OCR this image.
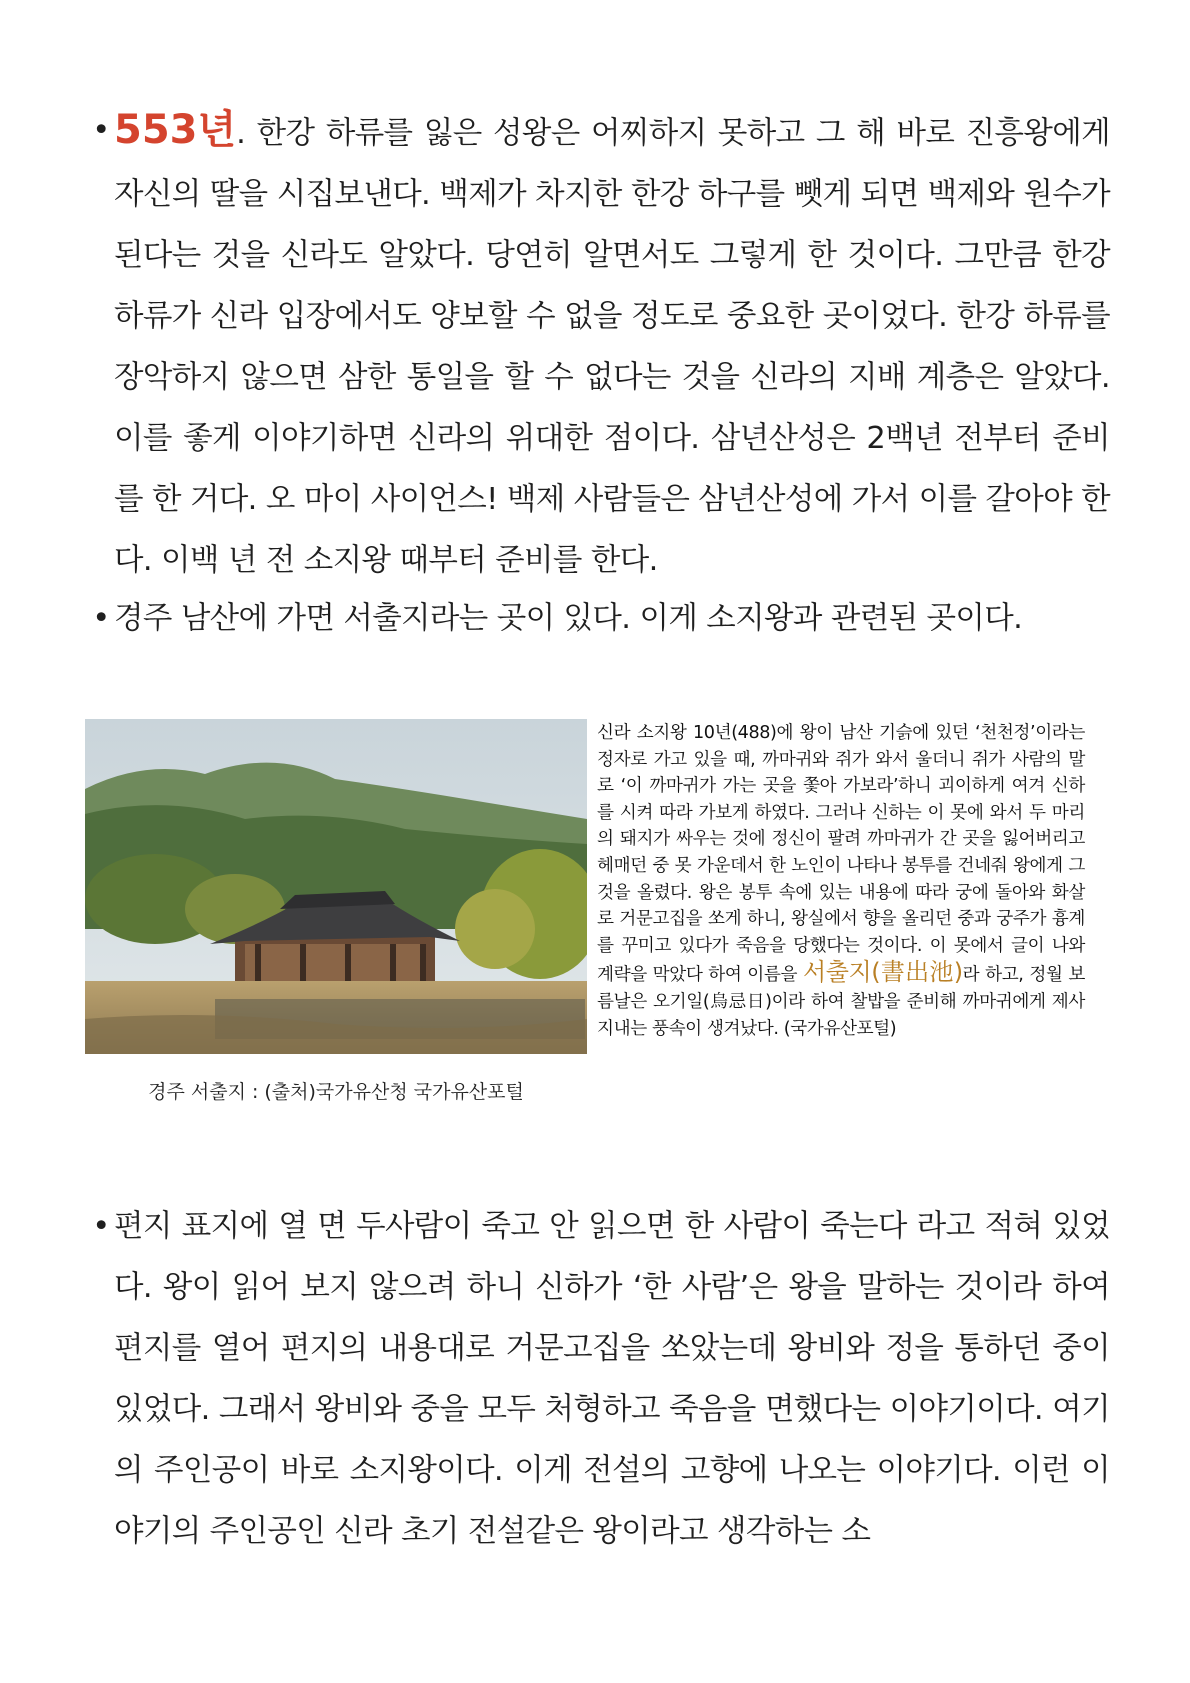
• 553년. 한강 하류를 잃은 성왕은 어찌하지 못하고 그 해 바로 진흥왕에게 자신의 딸을 시집보낸다. 백제가 차지한 한강 하구를 뺏게 되면 백제와 원수가 된다는 것을 신라도 알았다. 당연히 알면서도 그렇게 한 것이다. 그만큼 한강 하류가 신라 입장에서도 양보할 수 없을 정도로 중요한 곳이었다. 한강 하류를 장악하지 않으면 삼한 통일을 할 수 없다는 것을 신라의 지배 계층은 알았다. 이를 좋게 이야기하면 신라의 위대한 점이다. 삼년산성은 2백년 전부터 준비를 한 거다. 오 마이 사이언스! 백제 사람들은 삼년산성에 가서 이를 갈아야 한다. 이백 년 전 소지왕 때부터 준비를 한다.
• 경주 남산에 가면 서출지라는 곳이 있다. 이게 소지왕과 관련된 곳이다.
경주 서출지 : (출처)국가유산청 국가유산포털
신라 소지왕 10년(488)에 왕이 남산 기슭에 있던 ‘천천정’이라는 정자로 가고 있을 때, 까마귀와 쥐가 와서 울더니 쥐가 사람의 말로 ‘이 까마귀가 가는 곳을 쫓아 가보라’하니 괴이하게 여겨 신하를 시켜 따라 가보게 하였다. 그러나 신하는 이 못에 와서 두 마리의 돼지가 싸우는 것에 정신이 팔려 까마귀가 간 곳을 잃어버리고 헤매던 중 못 가운데서 한 노인이 나타나 봉투를 건네줘 왕에게 그것을 올렸다. 왕은 봉투 속에 있는 내용에 따라 궁에 돌아와 화살로 거문고집을 쏘게 하니, 왕실에서 향을 올리던 중과 궁주가 흉계를 꾸미고 있다가 죽음을 당했다는 것이다. 이 못에서 글이 나와 계략을 막았다 하여 이름을 서출지(書出池)라 하고, 정월 보름날은 오기일(烏忌日)이라 하여 찰밥을 준비해 까마귀에게 제사지내는 풍속이 생겨났다. (국가유산포털)
• 편지 표지에 열 면 두사람이 죽고 안 읽으면 한 사람이 죽는다 라고 적혀 있었다. 왕이 읽어 보지 않으려 하니 신하가 ‘한 사람’은 왕을 말하는 것이라 하여 편지를 열어 편지의 내용대로 거문고집을 쏘았는데 왕비와 정을 통하던 중이 있었다. 그래서 왕비와 중을 모두 처형하고 죽음을 면했다는 이야기이다. 여기의 주인공이 바로 소지왕이다. 이게 전설의 고향에 나오는 이야기다. 이런 이야기의 주인공인 신라 초기 전설같은 왕이라고 생각하는 소
